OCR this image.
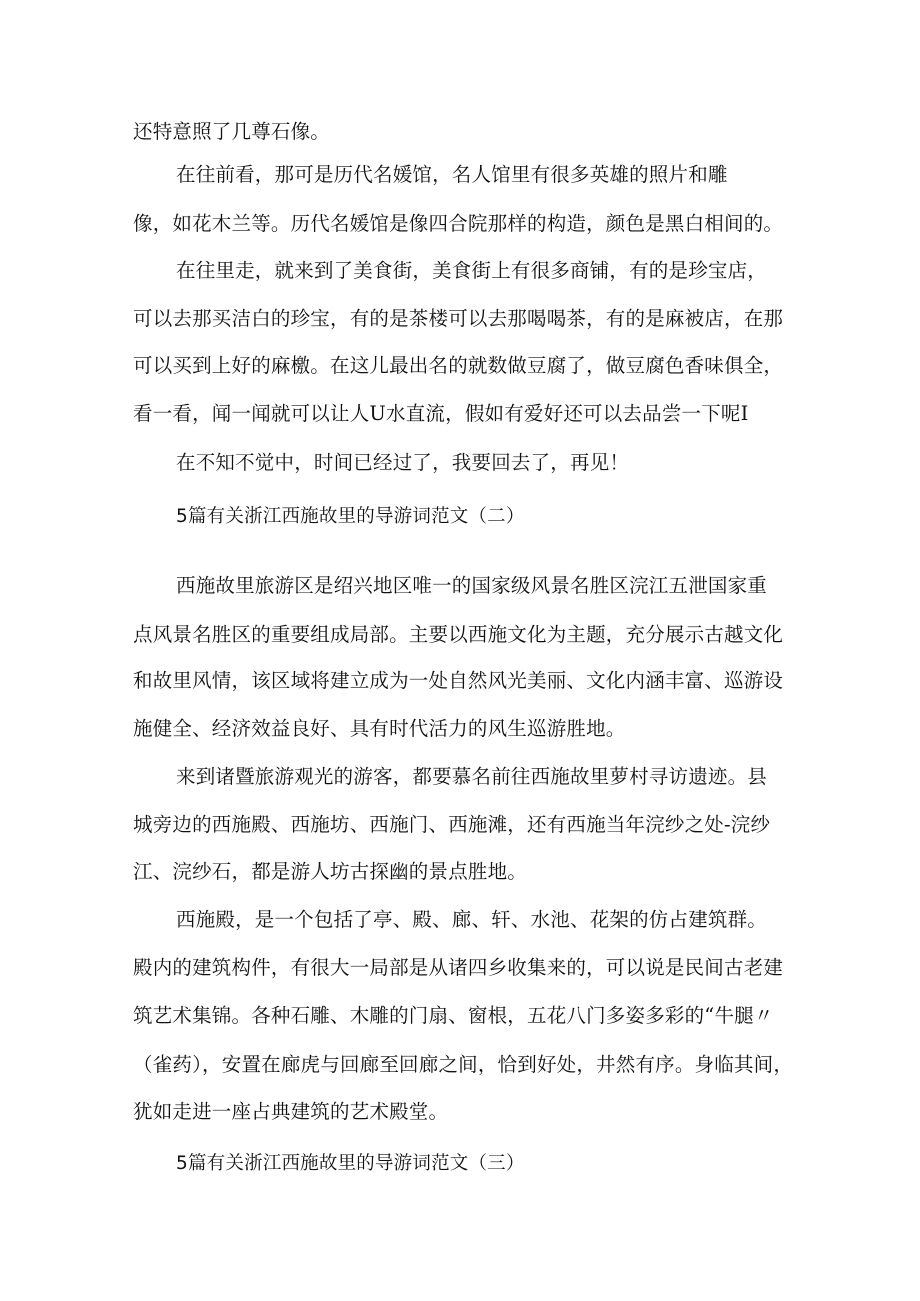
还特意照了几尊石像。
在往前看，那可是历代名媛馆，名人馆里有很多英雄的照片和雕
像，如花木兰等。历代名媛馆是像四合院那样的构造，颜色是黑白相间的。
在往里走，就来到了美食街，美食街上有很多商铺，有的是珍宝店，
可以去那买洁白的珍宝，有的是茶楼可以去那喝喝茶，有的是麻被店，在那
可以买到上好的麻檄。在这儿最出名的就数做豆腐了，做豆腐色香味俱全，
看一看，闻一闻就可以让人U水直流，假如有爱好还可以去品尝一下呢I
在不知不觉中，时间已经过了，我要回去了，再见！
5篇有关浙江西施故里的导游词范文（二）
西施故里旅游区是绍兴地区唯一的国家级风景名胜区浣江五泄国家重
点风景名胜区的重要组成局部。主要以西施文化为主题，充分展示古越文化
和故里风情，该区域将建立成为一处自然风光美丽、文化内涵丰富、巡游设
施健全、经济效益良好、具有时代活力的风生巡游胜地。
来到诸暨旅游观光的游客，都要慕名前往西施故里萝村寻访遗迹。县
城旁边的西施殿、西施坊、西施门、西施滩，还有西施当年浣纱之处-浣纱
江、浣纱石，都是游人坊古探幽的景点胜地。
西施殿，是一个包括了亭、殿、廊、轩、水池、花架的仿占建筑群。
殿内的建筑构件，有很大一局部是从诸四乡收集来的，可以说是民间古老建
筑艺术集锦。各种石雕、木雕的门扇、窗根，五花八门多姿多彩的“牛腿〃
（雀药），安置在廊虎与回廊至回廊之间，恰到好处，井然有序。身临其间，
犹如走进一座占典建筑的艺术殿堂。
5篇有关浙江西施故里的导游词范文（三）
